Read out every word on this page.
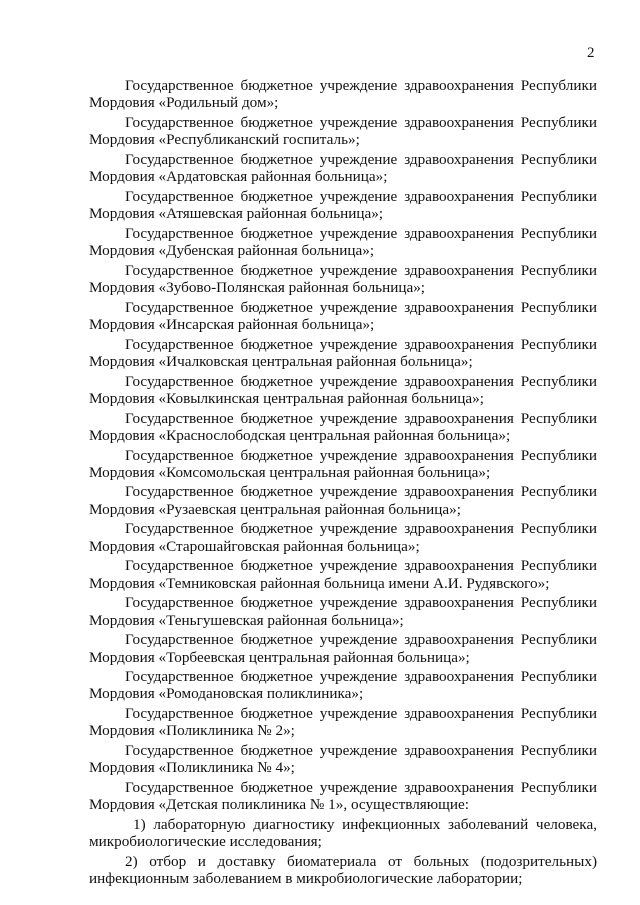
2

Государственное бюджетное учреждение здравоохранения Республики Мордовия «Родильный дом»;

Государственное бюджетное учреждение здравоохранения Республики Мордовия «Республиканский госпиталь»;

Государственное бюджетное учреждение здравоохранения Республики Мордовия «Ардатовская районная больница»;

Государственное бюджетное учреждение здравоохранения Республики Мордовия «Атяшевская районная больница»;

Государственное бюджетное учреждение здравоохранения Республики Мордовия «Дубенская районная больница»;

Государственное бюджетное учреждение здравоохранения Республики Мордовия «Зубово-Полянская районная больница»;

Государственное бюджетное учреждение здравоохранения Республики Мордовия «Инсарская районная больница»;

Государственное бюджетное учреждение здравоохранения Республики Мордовия «Ичалковская центральная районная больница»;

Государственное бюджетное учреждение здравоохранения Республики Мордовия «Ковылкинская центральная районная больница»;

Государственное бюджетное учреждение здравоохранения Республики Мордовия «Краснослободская центральная районная больница»;

Государственное бюджетное учреждение здравоохранения Республики Мордовия «Комсомольская центральная районная больница»;

Государственное бюджетное учреждение здравоохранения Республики Мордовия «Рузаевская центральная районная больница»;

Государственное бюджетное учреждение здравоохранения Республики Мордовия «Старошайговская районная больница»;

Государственное бюджетное учреждение здравоохранения Республики Мордовия «Темниковская районная больница имени А.И. Рудявского»;

Государственное бюджетное учреждение здравоохранения Республики Мордовия «Теньгушевская районная больница»;

Государственное бюджетное учреждение здравоохранения Республики Мордовия «Торбеевская центральная районная больница»;

Государственное бюджетное учреждение здравоохранения Республики Мордовия «Ромодановская поликлиника»;

Государственное бюджетное учреждение здравоохранения Республики Мордовия «Поликлиника № 2»;

Государственное бюджетное учреждение здравоохранения Республики Мордовия «Поликлиника № 4»;

Государственное бюджетное учреждение здравоохранения Республики Мордовия «Детская поликлиника № 1», осуществляющие:

1) лабораторную диагностику инфекционных заболеваний человека, микробиологические исследования;

2) отбор и доставку биоматериала от больных (подозрительных) инфекционным заболеванием в микробиологические лаборатории;
